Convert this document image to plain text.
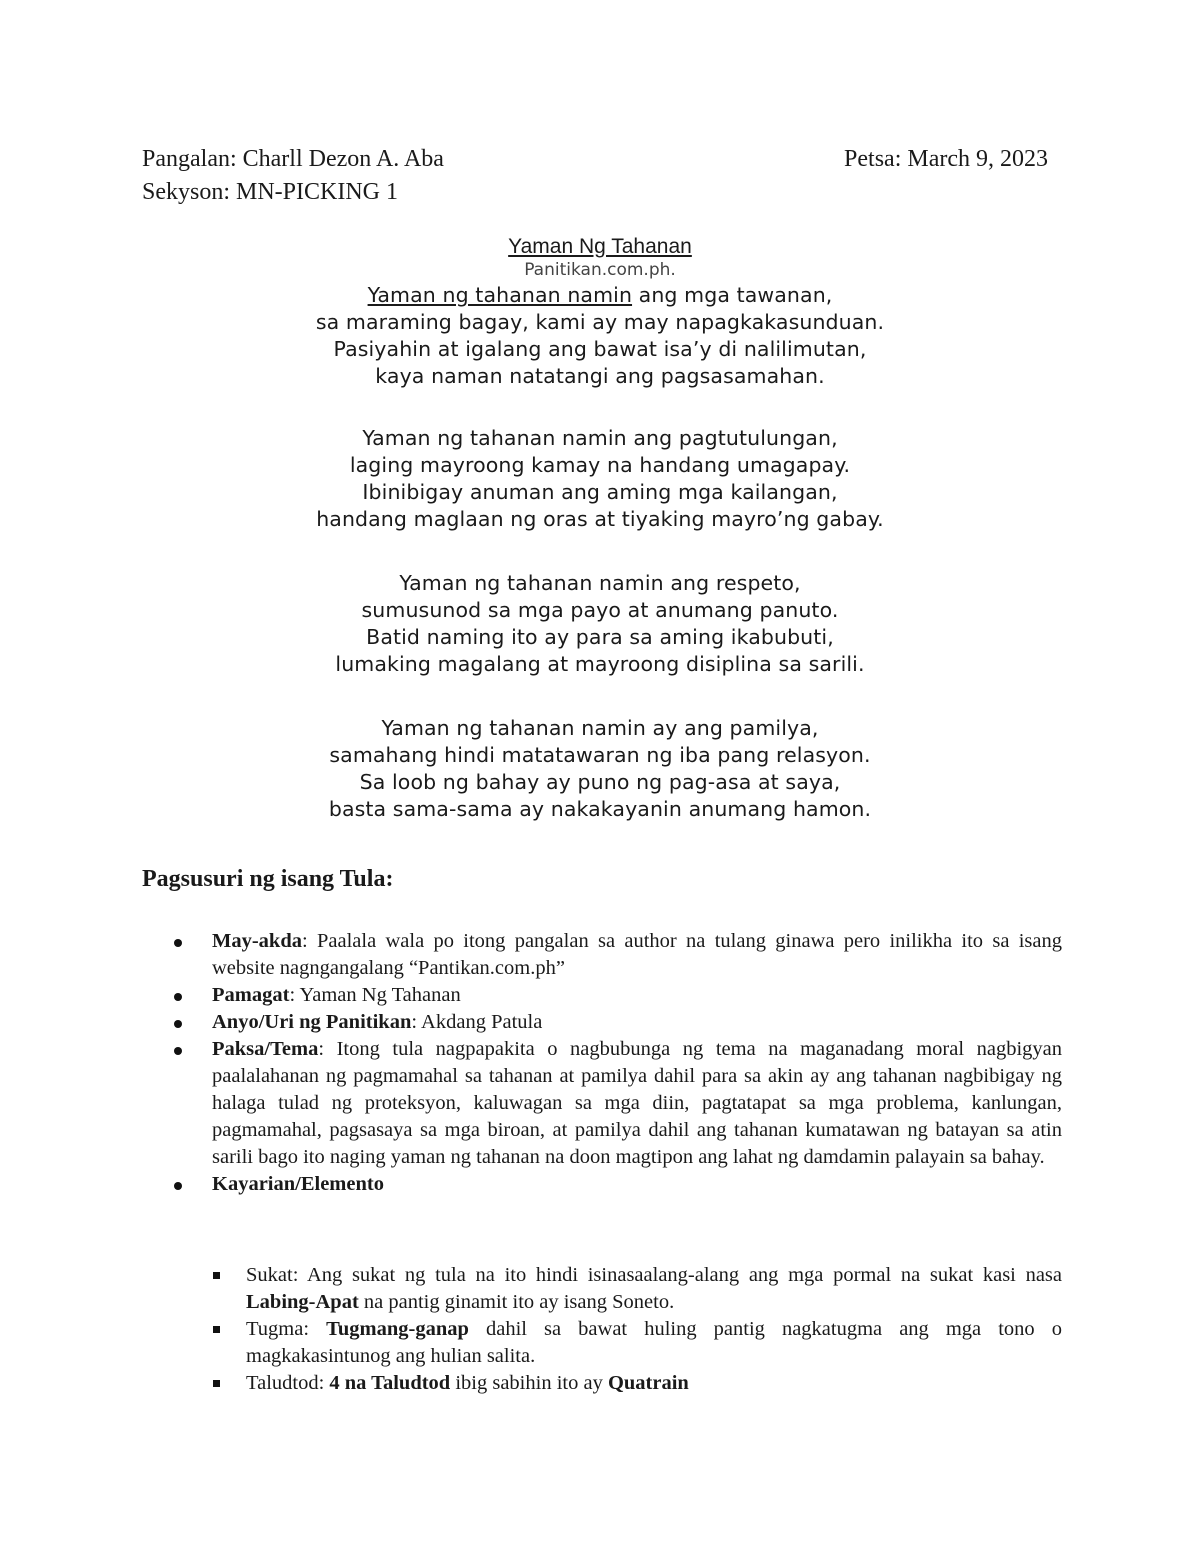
Pangalan: Charll Dezon A. Aba	Petsa: March 9, 2023
Sekyson: MN-PICKING 1
Yaman Ng Tahanan
Panitikan.com.ph.
Yaman ng tahanan namin ang mga tawanan,
sa maraming bagay, kami ay may napagkakasunduan.
Pasiyahin at igalang ang bawat isa’y di nalilimutan,
kaya naman natatangi ang pagsasamahan.
Yaman ng tahanan namin ang pagtutulungan,
laging mayroong kamay na handang umagapay.
Ibinibigay anuman ang aming mga kailangan,
handang maglaan ng oras at tiyaking mayro’ng gabay.
Yaman ng tahanan namin ang respeto,
sumusunod sa mga payo at anumang panuto.
Batid naming ito ay para sa aming ikabubuti,
lumaking magalang at mayroong disiplina sa sarili.
Yaman ng tahanan namin ay ang pamilya,
samahang hindi matatawaran ng iba pang relasyon.
Sa loob ng bahay ay puno ng pag-asa at saya,
basta sama-sama ay nakakayanin anumang hamon.
Pagsusuri ng isang Tula:
May-akda: Paalala wala po itong pangalan sa author na tulang ginawa pero inilikha ito sa isang website nagngangalang “Pantikan.com.ph”
Pamagat: Yaman Ng Tahanan
Anyo/Uri ng Panitikan: Akdang Patula
Paksa/Tema: Itong tula nagpapakita o nagbubunga ng tema na maganadang moral nagbigyan paalalahanan ng pagmamahal sa tahanan at pamilya dahil para sa akin ay ang tahanan nagbibigay ng halaga tulad ng proteksyon, kaluwagan sa mga diin, pagtatapat sa mga problema, kanlungan, pagmamahal, pagsasaya sa mga biroan, at pamilya dahil ang tahanan kumatawan ng batayan sa atin sarili bago ito naging yaman ng tahanan na doon magtipon ang lahat ng damdamin palayain sa bahay.
Kayarian/Elemento
Sukat: Ang sukat ng tula na ito hindi isinasaalang-alang ang mga pormal na sukat kasi nasa Labing-Apat na pantig ginamit ito ay isang Soneto.
Tugma: Tugmang-ganap dahil sa bawat huling pantig nagkatugma ang mga tono o magkakasintunog ang hulian salita.
Taludtod: 4 na Taludtod ibig sabihin ito ay Quatrain
